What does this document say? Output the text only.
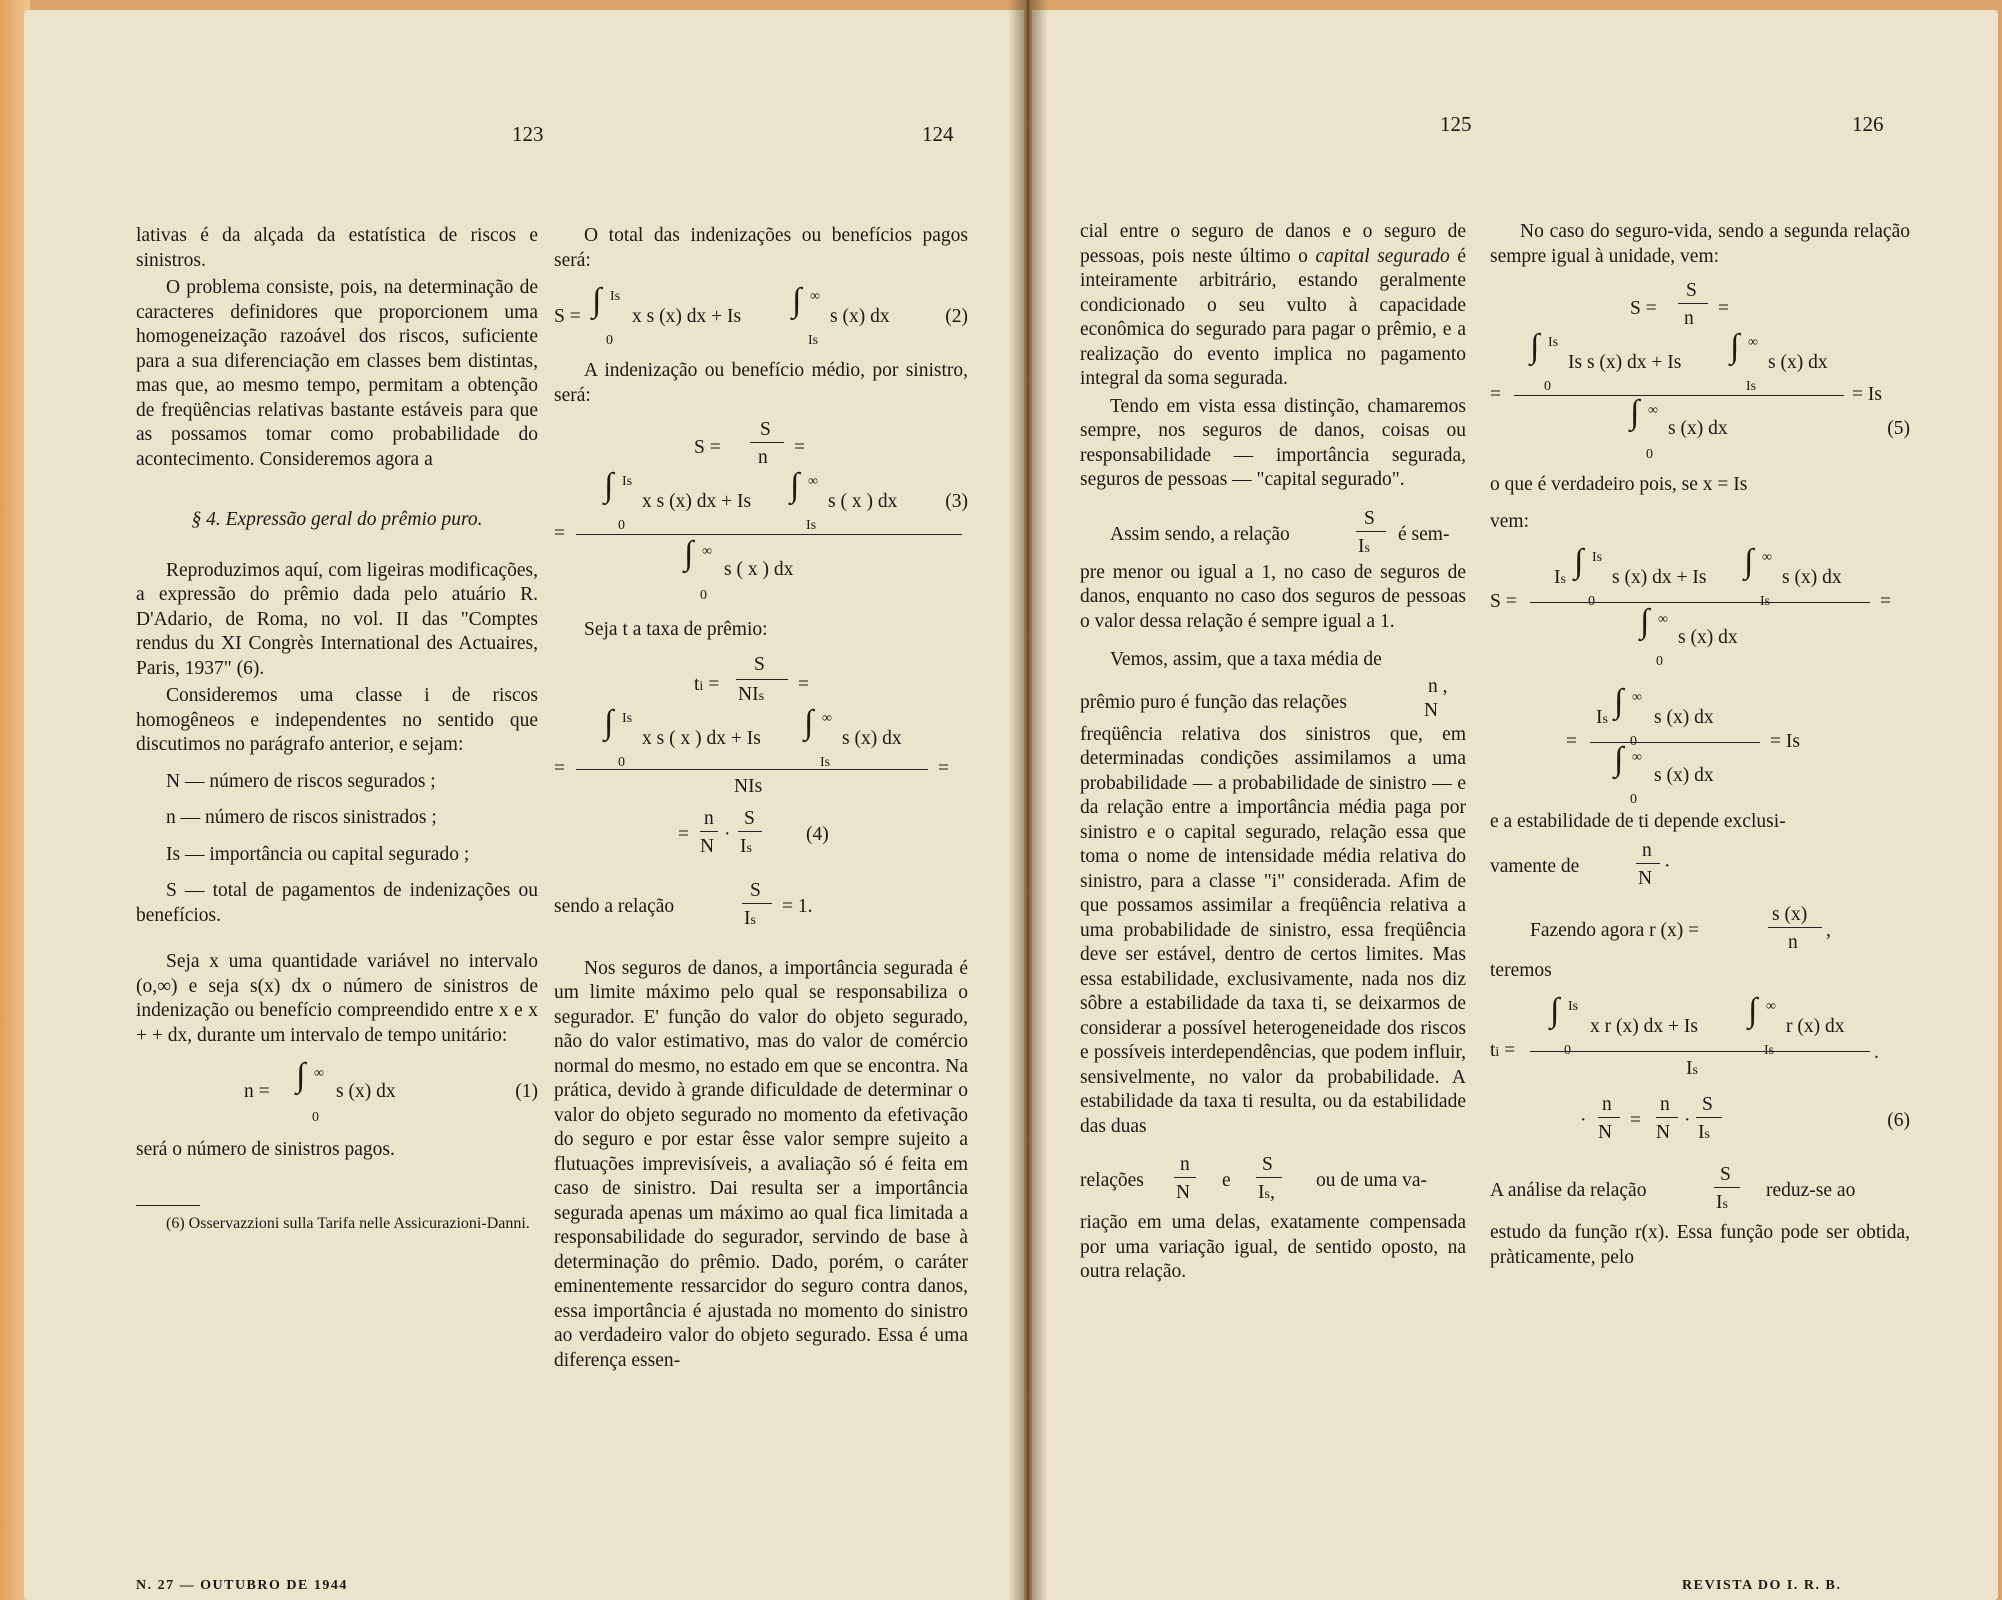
123	124

lativas é da alçada da estatística de riscos e sinistros.

O problema consiste, pois, na determinação de caracteres definidores que proporcionem uma homogeneização razoável dos riscos, suficiente para a sua diferenciação em classes bem distintas, mas que, ao mesmo tempo, permitam a obtenção de freqüências relativas bastante estáveis para que as possamos tomar como probabilidade do acontecimento. Consideremos agora a

§ 4. Expressão geral do prêmio puro.

Reproduzimos aquí, com ligeiras modificações, a expressão do prêmio dada pelo atuário R. D'Adario, de Roma, no vol. II das "Comptes rendus du XI Congrès International des Actuaires, Paris, 1937" (6).

Consideremos uma classe i de riscos homogêneos e independentes no sentido que discutimos no parágrafo anterior, e sejam:

N — número de riscos segurados ;

n — número de riscos sinistrados ;

Is — importância ou capital segurado ;

S — total de pagamentos de indenizações ou benefícios.

Seja x uma quantidade variável no intervalo (o,∞) e seja s(x) dx o número de sinistros de indenização ou benefício compreendido entre x e x + + dx, durante um intervalo de tempo unitário:

n = ∫ ∞
0
s (x) dx	(1)

será o número de sinistros pagos.

(6) Osservazzioni sulla Tarifa nelle Assicurazioni-Danni.

O total das indenizações ou benefícios pagos será:

S = ∫ Is
0
x s (x) dx + Is ∫ ∞
Is
s (x) dx	(2)

A indenização ou benefício médio, por sinistro, será:

S =
S
n =
∫ Is
0
x s (x) dx + Is ∫ ∞
Is
s ( x ) dx
=
∫ ∞
0
s ( x ) dx
(3)

Seja t a taxa de prêmio:

ti =
S
NIs
=
∫ Is
0
x s ( x ) dx + Is ∫ ∞
Is
s (x) dx
=	=
NIs
=
n
N
·
S
Is
(4)
sendo a relação
S
Is
= 1.

Nos seguros de danos, a importância segurada é um limite máximo pelo qual se responsabiliza o segurador. E' função do valor do objeto segurado, não do valor estimativo, mas do valor de comércio normal do mesmo, no estado em que se encontra. Na prática, devido à grande dificuldade de determinar o valor do objeto segurado no momento da efetivação do seguro e por estar êsse valor sempre sujeito a flutuações imprevisíveis, a avaliação só é feita em caso de sinistro. Dai resulta ser a importância segurada apenas um máximo ao qual fica limitada a responsabilidade do segurador, servindo de base à determinação do prêmio. Dado, porém, o caráter eminentemente ressarcidor do seguro contra danos, essa importância é ajustada no momento do sinistro ao verdadeiro valor do objeto segurado. Essa é uma diferença essen-

N. 27 — OUTUBRO DE 1944
125	126

cial entre o seguro de danos e o seguro de pessoas, pois neste último o capital segurado é inteiramente arbitrário, estando geralmente condicionado o seu vulto à capacidade econômica do segurado para pagar o prêmio, e a realização do evento implica no pagamento integral da soma segurada.

Tendo em vista essa distinção, chamaremos sempre, nos seguros de danos, coisas ou responsabilidade — importância segurada, seguros de pessoas — "capital segurado".

Assim sendo, a relação
S
Is
é sem-

pre menor ou igual a 1, no caso de seguros de danos, enquanto no caso dos seguros de pessoas o valor dessa relação é sempre igual a 1.

Vemos, assim, que a taxa média de

prêmio puro é função das relações
n ,
N

freqüência relativa dos sinistros que, em determinadas condições assimilamos a uma probabilidade — a probabilidade de sinistro — e da relação entre a importância média paga por sinistro e o capital segurado, relação essa que toma o nome de intensidade média relativa do sinistro, para a classe "i" considerada. Afim de que possamos assimilar a freqüência relativa a uma probabilidade de sinistro, essa freqüência deve ser estável, dentro de certos limites. Mas essa estabilidade, exclusivamente, nada nos diz sôbre a estabilidade da taxa ti, se deixarmos de considerar a possível heterogeneidade dos riscos e possíveis interdependências, que podem influir, sensivelmente, no valor da probabilidade. A estabilidade da taxa ti resulta, ou da estabilidade das duas

relações
n
N
e
S
Is,
ou de uma va-

riação em uma delas, exatamente compensada por uma variação igual, de sentido oposto, na outra relação.

No caso do seguro-vida, sendo a segunda relação sempre igual à unidade, vem:

S =
S
n =
∫ Is
0
Is s (x) dx + Is ∫ ∞
Is
s (x) dx
=	= Is
∫ ∞
0
s (x) dx	(5)

o que é verdadeiro pois, se x = Is

vem:

Is ∫ Is
0
s (x) dx + Is ∫ ∞
Is
s (x) dx
S =	=
∫ ∞
0
s (x) dx
Is ∫ ∞
0
s (x) dx
=	= Is
∫ ∞
0
s (x) dx

e a estabilidade de ti depende exclusi-

vamente de
n
N
·
Fazendo agora r (x) =
s (x)
n
,

teremos

∫ Is
0
x r (x) dx + Is ∫ ∞
Is
r (x) dx
ti =	.
Is
·
n
N
=
n
N
·
S
Is
(6)
A análise da relação
S
Is
reduz-se ao

estudo da função r(x). Essa função pode ser obtida, pràticamente, pelo

REVISTA DO I. R. B.
